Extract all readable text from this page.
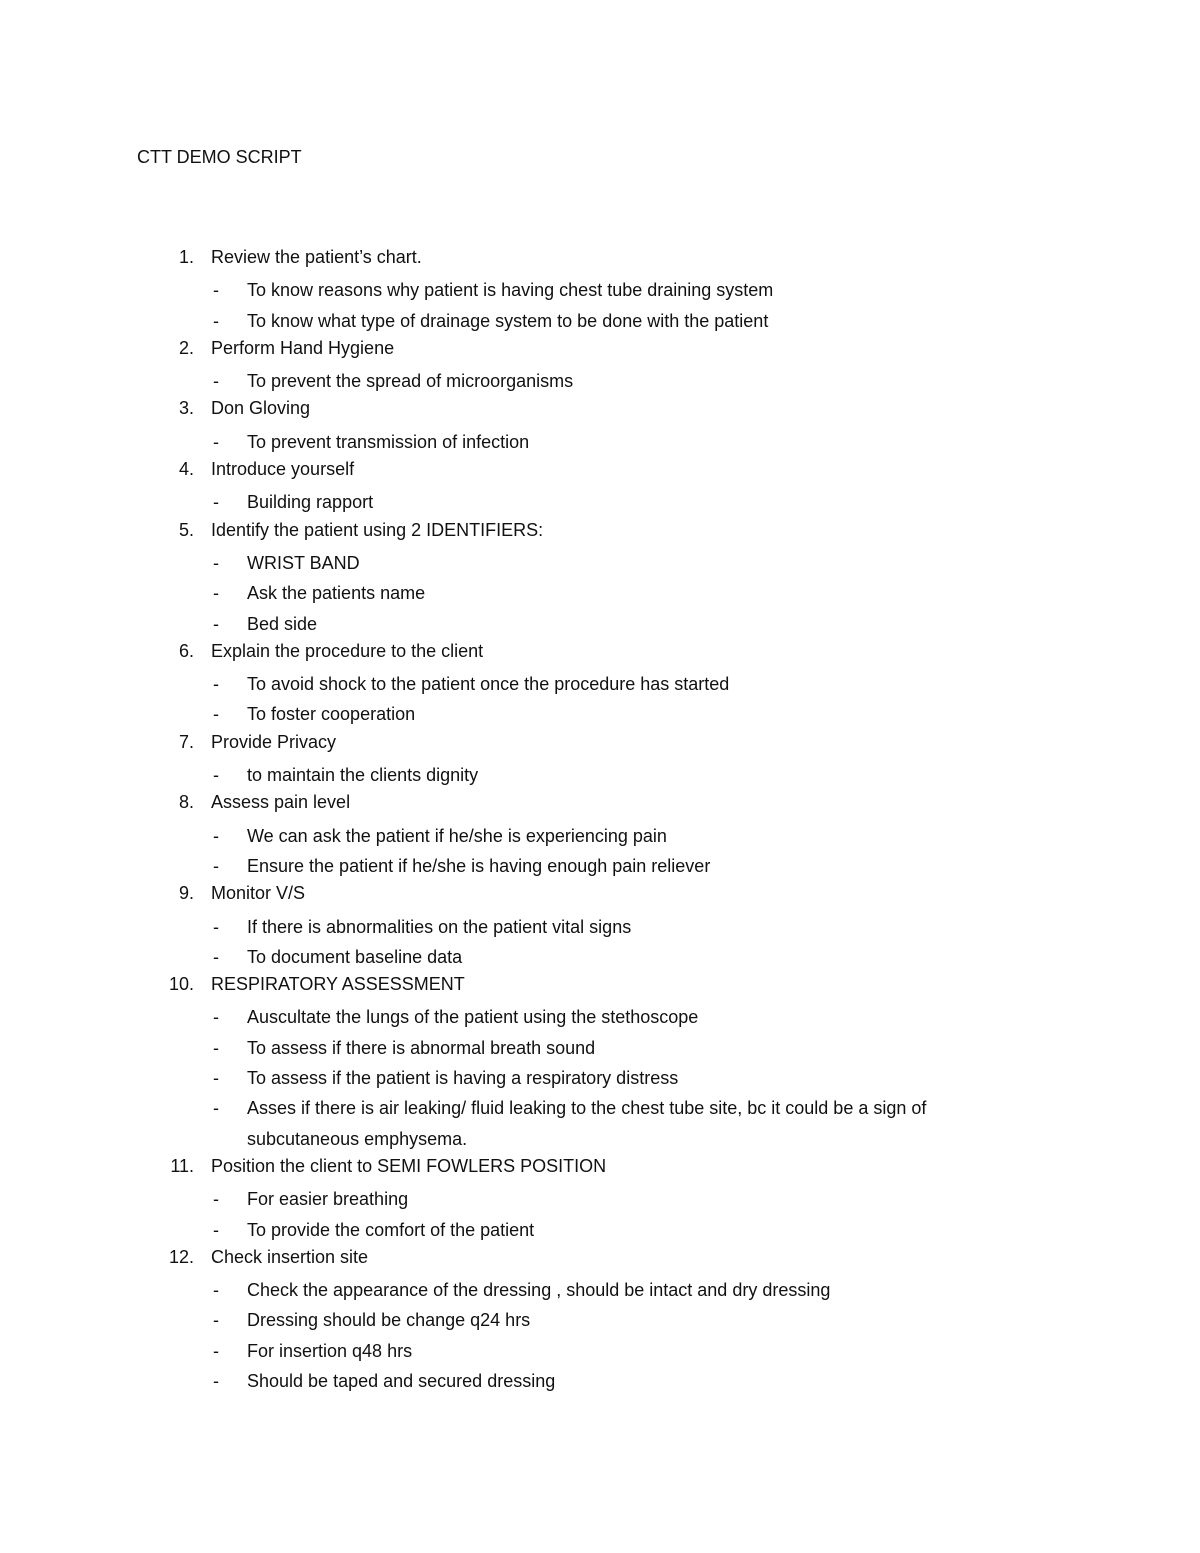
CTT DEMO SCRIPT
1. Review the patient’s chart.
- To know reasons why patient is having chest tube draining system
- To know what type of drainage system to be done with the patient
2. Perform Hand Hygiene
- To prevent the spread of microorganisms
3. Don Gloving
- To prevent transmission of infection
4. Introduce yourself
- Building rapport
5. Identify the patient using 2 IDENTIFIERS:
- WRIST BAND
- Ask the patients name
- Bed side
6. Explain the procedure to the client
- To avoid shock to the patient once the procedure has started
- To foster cooperation
7. Provide Privacy
- to maintain the clients dignity
8. Assess pain level
- We can ask the patient if he/she is experiencing pain
- Ensure the patient if he/she is having enough pain reliever
9. Monitor V/S
- If there is abnormalities on the patient vital signs
- To document baseline data
10. RESPIRATORY ASSESSMENT
- Auscultate the lungs of the patient using the stethoscope
- To assess if there is abnormal breath sound
- To assess if the patient is having a respiratory distress
- Asses if there is air leaking/ fluid leaking to the chest tube site, bc it could be a sign of subcutaneous emphysema.
11. Position the client to SEMI FOWLERS POSITION
- For easier breathing
- To provide the comfort of the patient
12. Check insertion site
- Check the appearance of the dressing , should be intact and dry dressing
- Dressing should be change q24 hrs
- For insertion q48 hrs
- Should be taped and secured dressing
